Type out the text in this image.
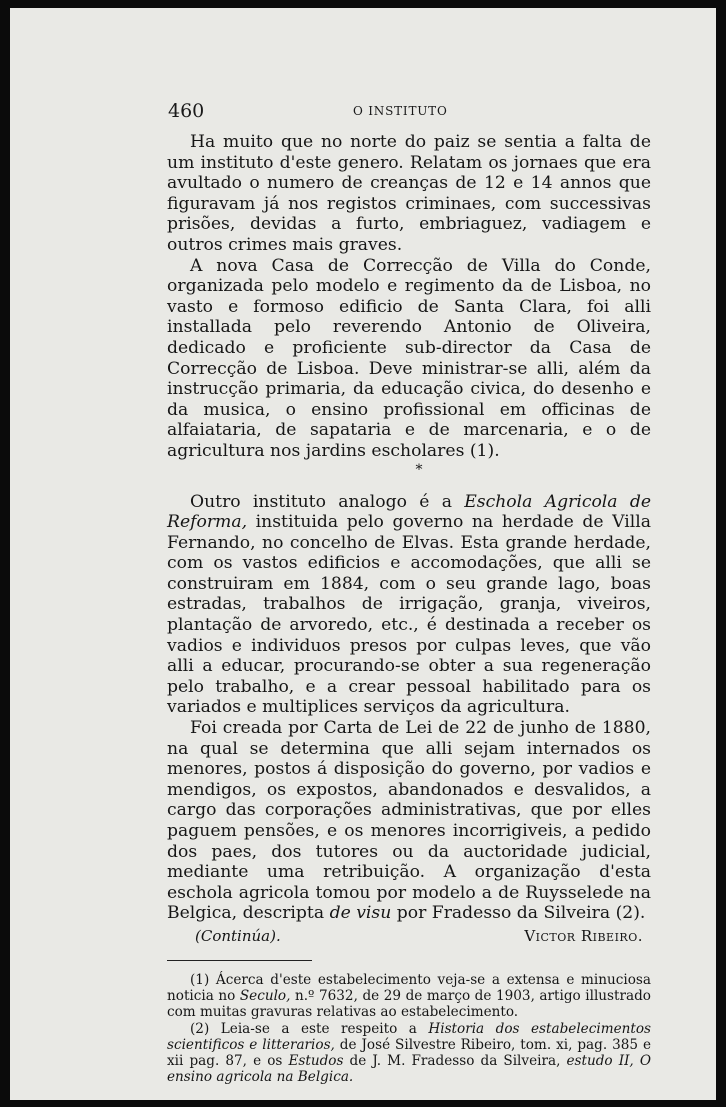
460	O INSTITUTO

Ha muito que no norte do paiz se sentia a falta de um instituto d'este genero. Relatam os jornaes que era avultado o numero de creanças de 12 e 14 annos que figuravam já nos registos criminaes, com successivas prisões, devidas a furto, embriaguez, vadiagem e outros crimes mais graves.

A nova Casa de Correcção de Villa do Conde, organizada pelo modelo e regimento da de Lisboa, no vasto e formoso edificio de Santa Clara, foi alli installada pelo reverendo Antonio de Oliveira, dedicado e proficiente sub-director da Casa de Correcção de Lisboa. Deve ministrar-se alli, além da instrucção primaria, da educação civica, do desenho e da musica, o ensino profissional em officinas de alfaiataria, de sapataria e de marcenaria, e o de agricultura nos jardins escholares (1).

*

Outro instituto analogo é a Eschola Agricola de Reforma, instituida pelo governo na herdade de Villa Fernando, no concelho de Elvas. Esta grande herdade, com os vastos edificios e accomodações, que alli se construiram em 1884, com o seu grande lago, boas estradas, trabalhos de irrigação, granja, viveiros, plantação de arvoredo, etc., é destinada a receber os vadios e individuos presos por culpas leves, que vão alli a educar, procurando-se obter a sua regeneração pelo trabalho, e a crear pessoal habilitado para os variados e multiplices serviços da agricultura.

Foi creada por Carta de Lei de 22 de junho de 1880, na qual se determina que alli sejam internados os menores, postos á disposição do governo, por vadios e mendigos, os expostos, abandonados e desvalidos, a cargo das corporações administrativas, que por elles paguem pensões, e os menores incorrigiveis, a pedido dos paes, dos tutores ou da auctoridade judicial, mediante uma retribuição. A organização d'esta eschola agricola tomou por modelo a de Ruysselede na Belgica, descripta de visu por Fradesso da Silveira (2).

(Continúa).	Victor Ribeiro.

(1) Ácerca d'este estabelecimento veja-se a extensa e minuciosa noticia no Seculo, n.º 7632, de 29 de março de 1903, artigo illustrado com muitas gravuras relativas ao estabelecimento.

(2) Leia-se a este respeito a Historia dos estabelecimentos scientificos e litterarios, de José Silvestre Ribeiro, tom. xi, pag. 385 e xii pag. 87, e os Estudos de J. M. Fradesso da Silveira, estudo II, O ensino agricola na Belgica.
